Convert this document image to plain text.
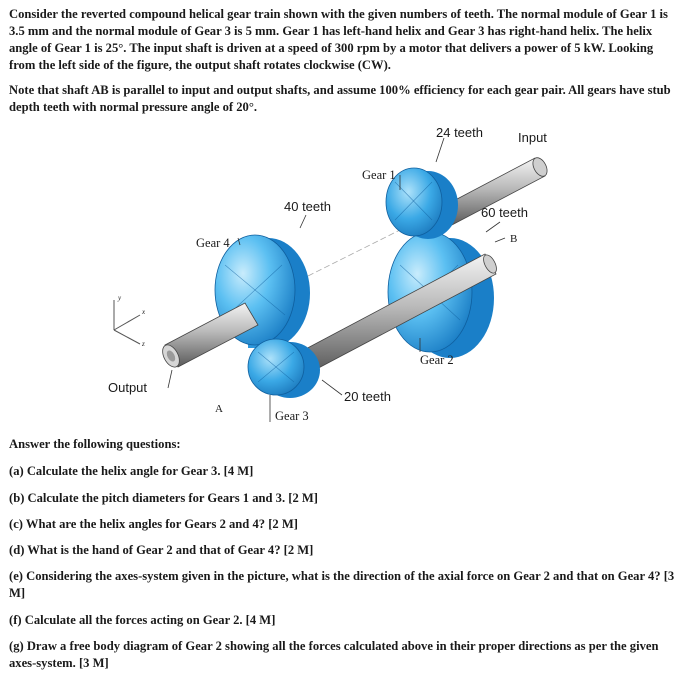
Consider the reverted compound helical gear train shown with the given numbers of teeth. The normal module of Gear 1 is 3.5 mm and the normal module of Gear 3 is 5 mm. Gear 1 has left-hand helix and Gear 3 has right-hand helix. The helix angle of Gear 1 is 25°. The input shaft is driven at a speed of 300 rpm by a motor that delivers a power of 5 kW. Looking from the left side of the figure, the output shaft rotates clockwise (CW).

Note that shaft AB is parallel to input and output shafts, and assume 100% efficiency for each gear pair. All gears have stub depth teeth with normal pressure angle of 20°.

y
x
z
24 teeth	Input
Gear 1
40 teeth	60 teeth
B
Gear 4
Gear 2
Output
20 teeth
A	Gear 3

Answer the following questions:

(a) Calculate the helix angle for Gear 3. [4 M]

(b) Calculate the pitch diameters for Gears 1 and 3. [2 M]

(c) What are the helix angles for Gears 2 and 4? [2 M]

(d) What is the hand of Gear 2 and that of Gear 4? [2 M]

(e) Considering the axes-system given in the picture, what is the direction of the axial force on Gear 2 and that on Gear 4? [3 M]

(f) Calculate all the forces acting on Gear 2. [4 M]

(g) Draw a free body diagram of Gear 2 showing all the forces calculated above in their proper directions as per the given axes-system. [3 M]
